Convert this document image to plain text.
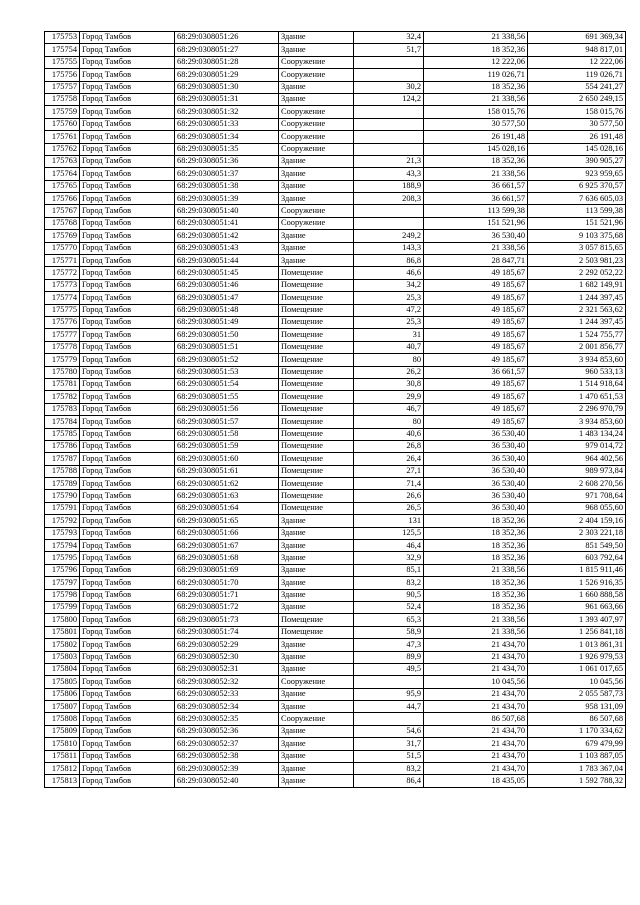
175753	Город Тамбов	68:29:0308051:26	Здание	32,4	21 338,56	691 369,34
175754	Город Тамбов	68:29:0308051:27	Здание	51,7	18 352,36	948 817,01
175755	Город Тамбов	68:29:0308051:28	Сооружение		12 222,06	12 222,06
175756	Город Тамбов	68:29:0308051:29	Сооружение		119 026,71	119 026,71
175757	Город Тамбов	68:29:0308051:30	Здание	30,2	18 352,36	554 241,27
175758	Город Тамбов	68:29:0308051:31	Здание	124,2	21 338,56	2 650 249,15
175759	Город Тамбов	68:29:0308051:32	Сооружение		158 015,76	158 015,76
175760	Город Тамбов	68:29:0308051:33	Сооружение		30 577,50	30 577,50
175761	Город Тамбов	68:29:0308051:34	Сооружение		26 191,48	26 191,48
175762	Город Тамбов	68:29:0308051:35	Сооружение		145 028,16	145 028,16
175763	Город Тамбов	68:29:0308051:36	Здание	21,3	18 352,36	390 905,27
175764	Город Тамбов	68:29:0308051:37	Здание	43,3	21 338,56	923 959,65
175765	Город Тамбов	68:29:0308051:38	Здание	188,9	36 661,57	6 925 370,57
175766	Город Тамбов	68:29:0308051:39	Здание	208,3	36 661,57	7 636 605,03
175767	Город Тамбов	68:29:0308051:40	Сооружение		113 599,38	113 599,38
175768	Город Тамбов	68:29:0308051:41	Сооружение		151 521,96	151 521,96
175769	Город Тамбов	68:29:0308051:42	Здание	249,2	36 530,40	9 103 375,68
175770	Город Тамбов	68:29:0308051:43	Здание	143,3	21 338,56	3 057 815,65
175771	Город Тамбов	68:29:0308051:44	Здание	86,8	28 847,71	2 503 981,23
175772	Город Тамбов	68:29:0308051:45	Помещение	46,6	49 185,67	2 292 052,22
175773	Город Тамбов	68:29:0308051:46	Помещение	34,2	49 185,67	1 682 149,91
175774	Город Тамбов	68:29:0308051:47	Помещение	25,3	49 185,67	1 244 397,45
175775	Город Тамбов	68:29:0308051:48	Помещение	47,2	49 185,67	2 321 563,62
175776	Город Тамбов	68:29:0308051:49	Помещение	25,3	49 185,67	1 244 397,45
175777	Город Тамбов	68:29:0308051:50	Помещение	31	49 185,67	1 524 755,77
175778	Город Тамбов	68:29:0308051:51	Помещение	40,7	49 185,67	2 001 856,77
175779	Город Тамбов	68:29:0308051:52	Помещение	80	49 185,67	3 934 853,60
175780	Город Тамбов	68:29:0308051:53	Помещение	26,2	36 661,57	960 533,13
175781	Город Тамбов	68:29:0308051:54	Помещение	30,8	49 185,67	1 514 918,64
175782	Город Тамбов	68:29:0308051:55	Помещение	29,9	49 185,67	1 470 651,53
175783	Город Тамбов	68:29:0308051:56	Помещение	46,7	49 185,67	2 296 970,79
175784	Город Тамбов	68:29:0308051:57	Помещение	80	49 185,67	3 934 853,60
175785	Город Тамбов	68:29:0308051:58	Помещение	40,6	36 530,40	1 483 134,24
175786	Город Тамбов	68:29:0308051:59	Помещение	26,8	36 530,40	979 014,72
175787	Город Тамбов	68:29:0308051:60	Помещение	26,4	36 530,40	964 402,56
175788	Город Тамбов	68:29:0308051:61	Помещение	27,1	36 530,40	989 973,84
175789	Город Тамбов	68:29:0308051:62	Помещение	71,4	36 530,40	2 608 270,56
175790	Город Тамбов	68:29:0308051:63	Помещение	26,6	36 530,40	971 708,64
175791	Город Тамбов	68:29:0308051:64	Помещение	26,5	36 530,40	968 055,60
175792	Город Тамбов	68:29:0308051:65	Здание	131	18 352,36	2 404 159,16
175793	Город Тамбов	68:29:0308051:66	Здание	125,5	18 352,36	2 303 221,18
175794	Город Тамбов	68:29:0308051:67	Здание	46,4	18 352,36	851 549,50
175795	Город Тамбов	68:29:0308051:68	Здание	32,9	18 352,36	603 792,64
175796	Город Тамбов	68:29:0308051:69	Здание	85,1	21 338,56	1 815 911,46
175797	Город Тамбов	68:29:0308051:70	Здание	83,2	18 352,36	1 526 916,35
175798	Город Тамбов	68:29:0308051:71	Здание	90,5	18 352,36	1 660 888,58
175799	Город Тамбов	68:29:0308051:72	Здание	52,4	18 352,36	961 663,66
175800	Город Тамбов	68:29:0308051:73	Помещение	65,3	21 338,56	1 393 407,97
175801	Город Тамбов	68:29:0308051:74	Помещение	58,9	21 338,56	1 256 841,18
175802	Город Тамбов	68:29:0308052:29	Здание	47,3	21 434,70	1 013 861,31
175803	Город Тамбов	68:29:0308052:30	Здание	89,9	21 434,70	1 926 979,53
175804	Город Тамбов	68:29:0308052:31	Здание	49,5	21 434,70	1 061 017,65
175805	Город Тамбов	68:29:0308052:32	Сооружение		10 045,56	10 045,56
175806	Город Тамбов	68:29:0308052:33	Здание	95,9	21 434,70	2 055 587,73
175807	Город Тамбов	68:29:0308052:34	Здание	44,7	21 434,70	958 131,09
175808	Город Тамбов	68:29:0308052:35	Сооружение		86 507,68	86 507,68
175809	Город Тамбов	68:29:0308052:36	Здание	54,6	21 434,70	1 170 334,62
175810	Город Тамбов	68:29:0308052:37	Здание	31,7	21 434,70	679 479,99
175811	Город Тамбов	68:29:0308052:38	Здание	51,5	21 434,70	1 103 887,05
175812	Город Тамбов	68:29:0308052:39	Здание	83,2	21 434,70	1 783 367,04
175813	Город Тамбов	68:29:0308052:40	Здание	86,4	18 435,05	1 592 788,32
